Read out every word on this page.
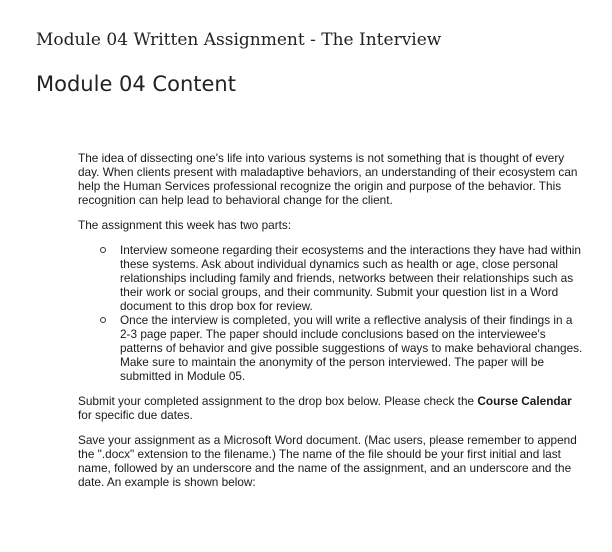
Module 04 Written Assignment - The Interview
Module 04 Content

The idea of dissecting one's life into various systems is not something that is thought of every day. When clients present with maladaptive behaviors, an understanding of their ecosystem can help the Human Services professional recognize the origin and purpose of the behavior. This recognition can help lead to behavioral change for the client.

The assignment this week has two parts:

Interview someone regarding their ecosystems and the interactions they have had within these systems. Ask about individual dynamics such as health or age, close personal relationships including family and friends, networks between their relationships such as their work or social groups, and their community. Submit your question list in a Word document to this drop box for review.
Once the interview is completed, you will write a reflective analysis of their findings in a 2-3 page paper. The paper should include conclusions based on the interviewee's patterns of behavior and give possible suggestions of ways to make behavioral changes. Make sure to maintain the anonymity of the person interviewed. The paper will be submitted in Module 05.

Submit your completed assignment to the drop box below. Please check the Course Calendar for specific due dates.

Save your assignment as a Microsoft Word document. (Mac users, please remember to append the ".docx" extension to the filename.) The name of the file should be your first initial and last name, followed by an underscore and the name of the assignment, and an underscore and the date. An example is shown below:
